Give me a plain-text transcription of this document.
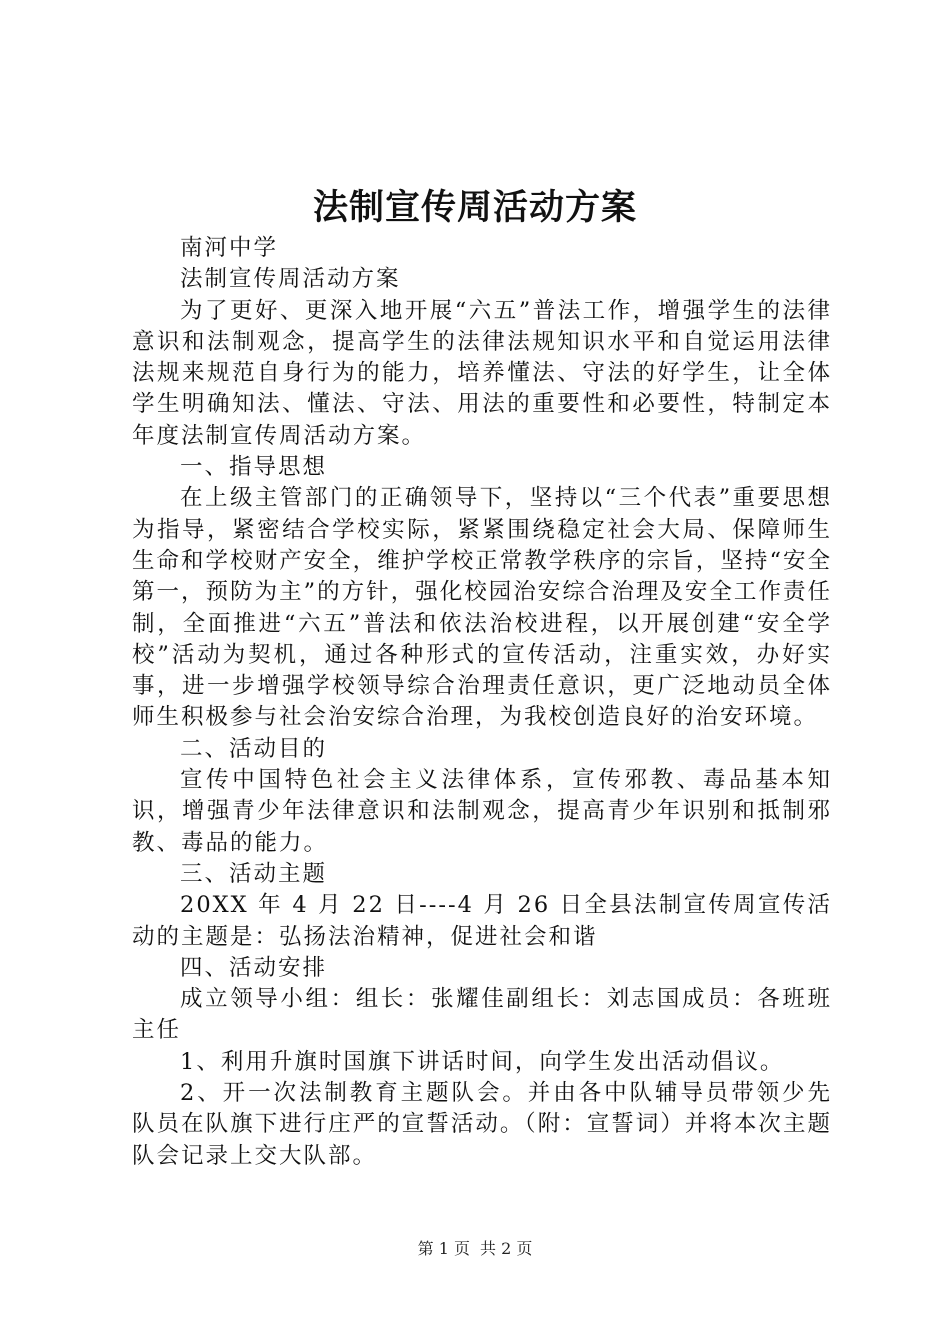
法制宣传周活动方案

南河中学

法制宣传周活动方案

为了更好、更深入地开展“六五”普法工作，增强学生的法律意识和法制观念，提高学生的法律法规知识水平和自觉运用法律法规来规范自身行为的能力，培养懂法、守法的好学生，让全体学生明确知法、懂法、守法、用法的重要性和必要性，特制定本年度法制宣传周活动方案。

一、指导思想

在上级主管部门的正确领导下，坚持以“三个代表”重要思想为指导，紧密结合学校实际，紧紧围绕稳定社会大局、保障师生生命和学校财产安全，维护学校正常教学秩序的宗旨，坚持“安全第一，预防为主”的方针，强化校园治安综合治理及安全工作责任制，全面推进“六五”普法和依法治校进程，以开展创建“安全学校”活动为契机，通过各种形式的宣传活动，注重实效，办好实事，进一步增强学校领导综合治理责任意识，更广泛地动员全体师生积极参与社会治安综合治理，为我校创造良好的治安环境。

二、活动目的

宣传中国特色社会主义法律体系，宣传邪教、毒品基本知识，增强青少年法律意识和法制观念，提高青少年识别和抵制邪教、毒品的能力。

三、活动主题

20XX 年 4 月 22 日----4 月 26 日全县法制宣传周宣传活动的主题是：弘扬法治精神，促进社会和谐

四、活动安排

成立领导小组：组长：张耀佳副组长：刘志国成员：各班班主任

1、利用升旗时国旗下讲话时间，向学生发出活动倡议。

2、开一次法制教育主题队会。并由各中队辅导员带领少先队员在队旗下进行庄严的宣誓活动。（附：宣誓词）并将本次主题队会记录上交大队部。

第 1 页 共 2 页
